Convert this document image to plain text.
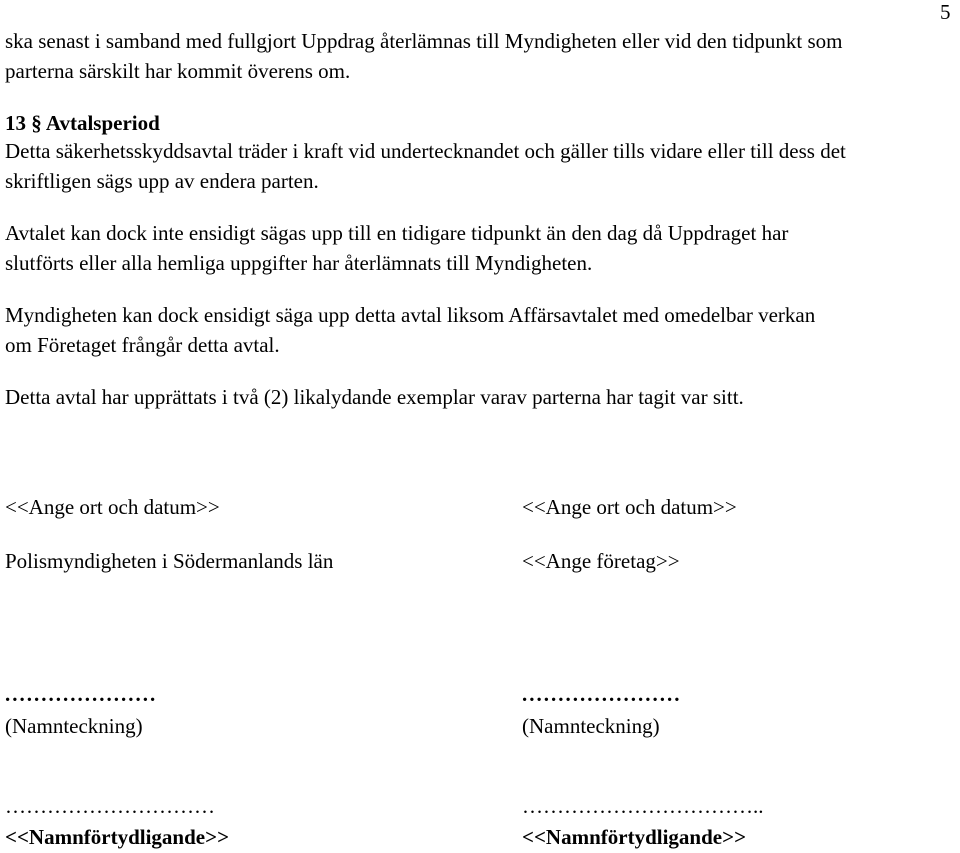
5
ska senast i samband med fullgjort Uppdrag återlämnas till Myndigheten eller vid den tidpunkt som
parterna särskilt har kommit överens om.
13 § Avtalsperiod
Detta säkerhetsskyddsavtal träder i kraft vid undertecknandet och gäller tills vidare eller till dess det
skriftligen sägs upp av endera parten.
Avtalet kan dock inte ensidigt sägas upp till en tidigare tidpunkt än den dag då Uppdraget har
slutförts eller alla hemliga uppgifter har återlämnats till Myndigheten.
Myndigheten kan dock ensidigt säga upp detta avtal liksom Affärsavtalet med omedelbar verkan
om Företaget frångår detta avtal.
Detta avtal har upprättats i två (2) likalydande exemplar varav parterna har tagit var sitt.
<<Ange ort och datum>>
Polismyndigheten i Södermanlands län
.....................
(Namnteckning)
…………………………
<<Namnförtydligande>>
<<Ange ort och datum>>
<<Ange företag>>
......................
(Namnteckning)
……………………………..
<<Namnförtydligande>>
